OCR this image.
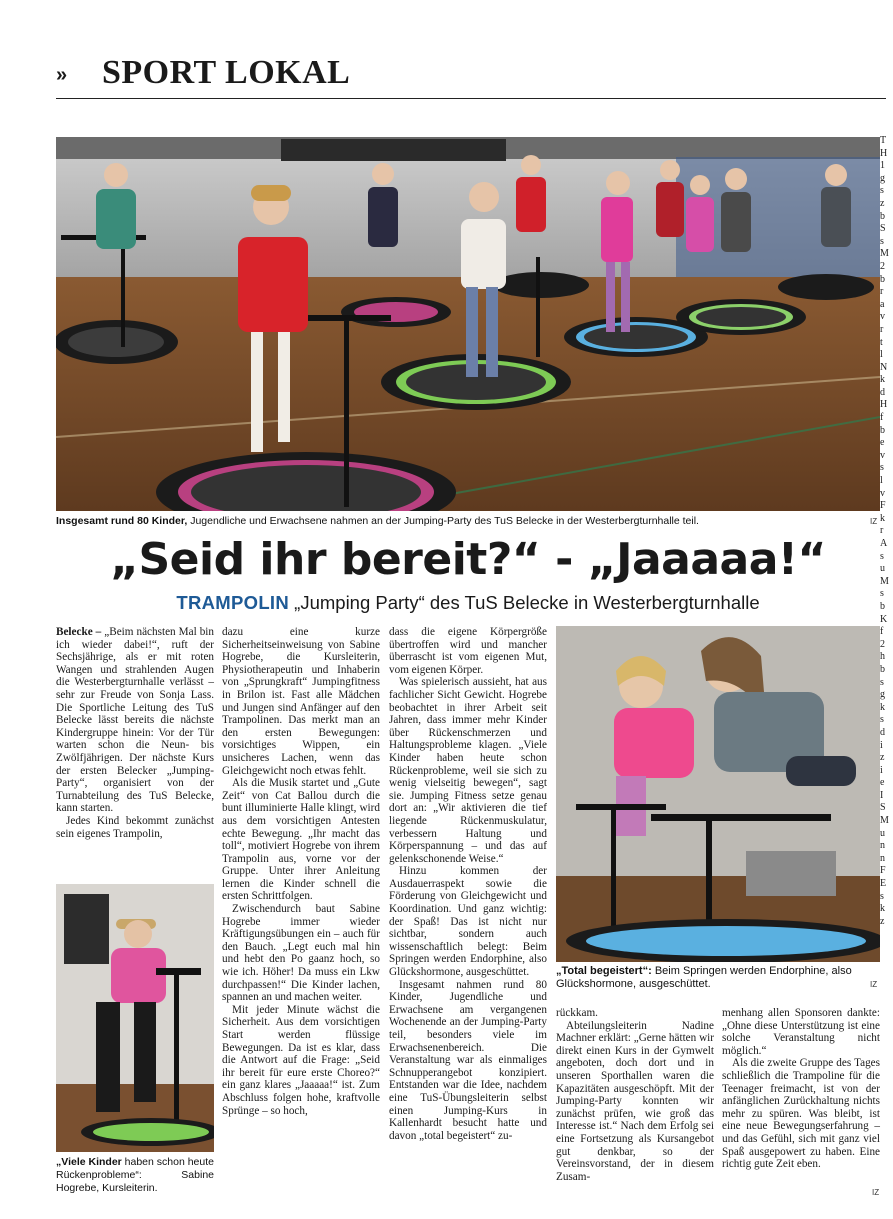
» SPORT LOKAL
Insgesamt rund 80 Kinder, Jugendliche und Erwachsene nahmen an der Jumping-Party des TuS Belecke in der Westerbergturnhalle teil.	IZ
„Seid ihr bereit?“ - „Jaaaaa!“
TRAMPOLIN „Jumping Party“ des TuS Belecke in Westerbergturnhalle

Belecke – „Beim nächsten Mal bin ich wieder dabei!“, ruft der Sechsjährige, als er mit roten Wangen und strahlenden Augen die Westerbergturnhalle verlässt – sehr zur Freude von Sonja Lass. Die Sportliche Leitung des TuS Belecke lässt bereits die nächste Kindergruppe hinein: Vor der Tür warten schon die Neun- bis Zwölfjährigen. Der nächste Kurs der ersten Belecker „Jumping-Party“, organisiert von der Turnabteilung des TuS Belecke, kann starten.

Jedes Kind bekommt zunächst sein eigenes Trampolin,

„Viele Kinder haben schon heute Rückenprobleme“: Sabine Hogrebe, Kursleiterin.

dazu eine kurze Sicherheitseinweisung von Sabine Hogrebe, die Kursleiterin, Physiotherapeutin und Inhaberin von „Sprungkraft“ Jumpingfitness in Brilon ist. Fast alle Mädchen und Jungen sind Anfänger auf den Trampolinen. Das merkt man an den ersten Bewegungen: vorsichtiges Wippen, ein unsicheres Lachen, wenn das Gleichgewicht noch etwas fehlt.

Als die Musik startet und „Gute Zeit“ von Cat Ballou durch die bunt illuminierte Halle klingt, wird aus dem vorsichtigen Antesten echte Bewegung. „Ihr macht das toll“, motiviert Hogrebe von ihrem Trampolin aus, vorne vor der Gruppe. Unter ihrer Anleitung lernen die Kinder schnell die ersten Schrittfolgen.

Zwischendurch baut Sabine Hogrebe immer wieder Kräftigungsübungen ein – auch für den Bauch. „Legt euch mal hin und hebt den Po gaanz hoch, so wie ich. Höher! Da muss ein Lkw durchpassen!“ Die Kinder lachen, spannen an und machen weiter.

Mit jeder Minute wächst die Sicherheit. Aus dem vorsichtigen Start werden flüssige Bewegungen. Da ist es klar, dass die Antwort auf die Frage: „Seid ihr bereit für eure erste Choreo?“ ein ganz klares „Jaaaaa!“ ist. Zum Abschluss folgen hohe, kraftvolle Sprünge – so hoch,

dass die eigene Körpergröße übertroffen wird und mancher überrascht ist vom eigenen Mut, vom eigenen Körper.

Was spielerisch aussieht, hat aus fachlicher Sicht Gewicht. Hogrebe beobachtet in ihrer Arbeit seit Jahren, dass immer mehr Kinder über Rückenschmerzen und Haltungsprobleme klagen. „Viele Kinder haben heute schon Rückenprobleme, weil sie sich zu wenig vielseitig bewegen“, sagt sie. Jumping Fitness setze genau dort an: „Wir aktivieren die tief liegende Rückenmuskulatur, verbessern Haltung und Körperspannung – und das auf gelenkschonende Weise.“

Hinzu kommen der Ausdauerraspekt sowie die Förderung von Gleichgewicht und Koordination. Und ganz wichtig: der Spaß! Das ist nicht nur sichtbar, sondern auch wissenschaftlich belegt: Beim Springen werden Endorphine, also Glückshormone, ausgeschüttet.

Insgesamt nahmen rund 80 Kinder, Jugendliche und Erwachsene am vergangenen Wochenende an der Jumping-Party teil, besonders viele im Erwachsenenbereich. Die Veranstaltung war als einmaliges Schnupperangebot konzipiert. Entstanden war die Idee, nachdem eine TuS-Übungsleiterin selbst einen Jumping-Kurs in Kallenhardt besucht hatte und davon „total begeistert“ zu-

„Total begeistert“: Beim Springen werden Endorphine, also Glückshormone, ausgeschüttet.	IZ

rückkam.

Abteilungsleiterin Nadine Machner erklärt: „Gerne hätten wir direkt einen Kurs in der Gymwelt angeboten, doch dort und in unseren Sporthallen waren die Kapazitäten ausgeschöpft. Mit der Jumping-Party konnten wir zunächst prüfen, wie groß das Interesse ist.“ Nach dem Erfolg sei eine Fortsetzung als Kursangebot gut denkbar, so der Vereinsvorstand, der in diesem Zusam-

menhang allen Sponsoren dankte: „Ohne diese Unterstützung ist eine solche Veranstaltung nicht möglich.“

Als die zweite Gruppe des Tages schließlich die Trampoline für die Teenager freimacht, ist von der anfänglichen Zurückhaltung nichts mehr zu spüren. Was bleibt, ist eine neue Bewegungserfahrung – und das Gefühl, sich mit ganz viel Spaß ausgepowert zu haben. Eine richtig gute Zeit eben.

IZ
T
H
1
g
s
z
b
S
s
M
2
b
r
a
v
r
t
l
N
k
d
H
f
b
e
v
s
l
v
F
k
r
A
s
u
M
s
b
K
f
2
h
b
s
g
k
s
d
i
z
i
e
I
S
M
u
n
n
F
E
s
k
z
